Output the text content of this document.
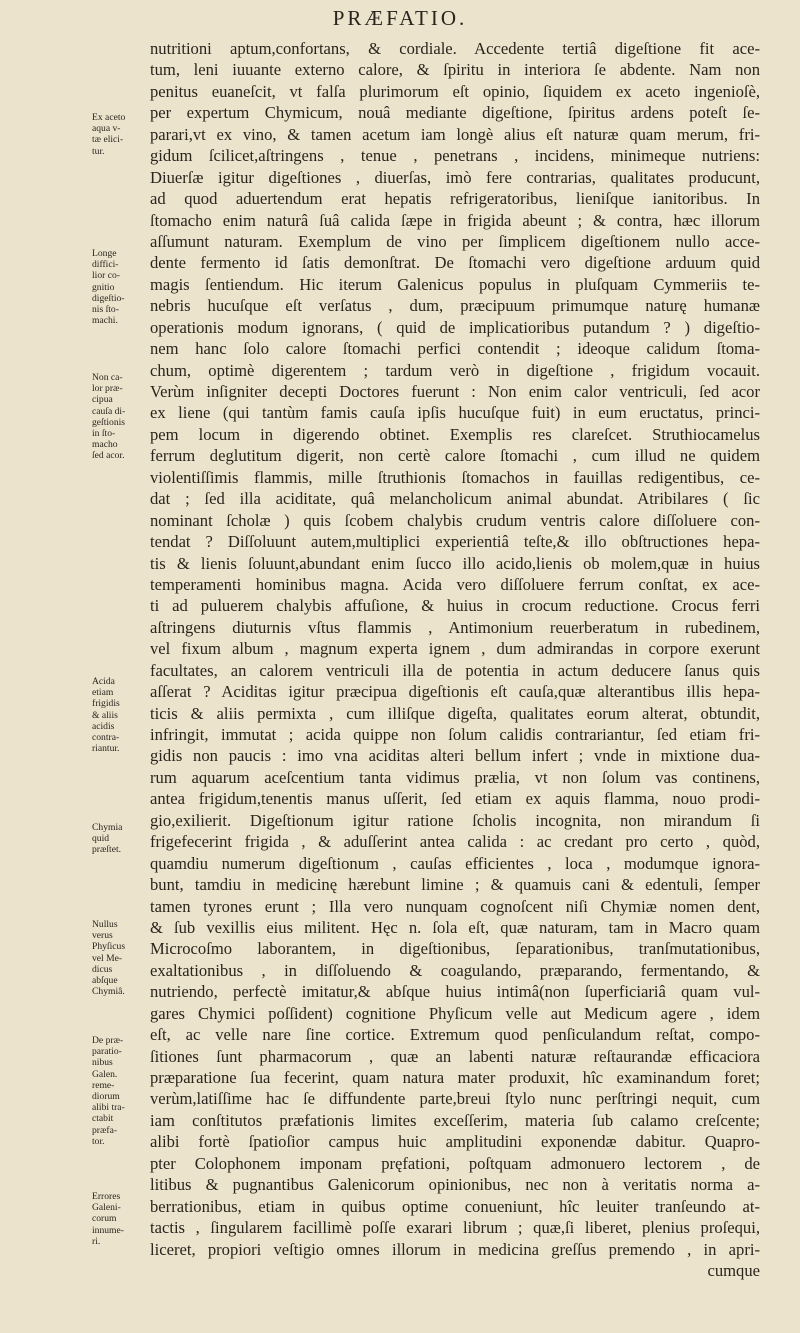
PRÆFATIO.
nutritioni aptum,confortans, & cordiale. Accedente tertiâ digeſtione fit ace-
tum, leni iuuante externo calore, & ſpiritu in interiora ſe abdente. Nam non
penitus euaneſcit, vt falſa plurimorum eſt opinio, ſiquidem ex aceto ingenioſè,
per expertum Chymicum, nouâ mediante digeſtione, ſpiritus ardens poteſt ſe-
parari,vt ex vino, & tamen acetum iam longè alius eſt naturæ quam merum, fri-
gidum ſcilicet,aſtringens , tenue , penetrans , incidens, minimeque nutriens:
Diuerſæ igitur digeſtiones , diuerſas, imò fere contrarias, qualitates producunt,
ad quod aduertendum erat hepatis refrigeratoribus, lieniſque ianitoribus. In
ſtomacho enim naturâ ſuâ calida ſæpe in frigida abeunt ; & contra, hæc illorum
aſſumunt naturam. Exemplum de vino per ſimplicem digeſtionem nullo acce-
dente fermento id ſatis demonſtrat. De ſtomachi vero digeſtione arduum quid
magis ſentiendum. Hic iterum Galenicus populus in pluſquam Cymmeriis te-
nebris hucuſque eſt verſatus , dum, præcipuum primumque naturę humanæ
operationis modum ignorans, ( quid de implicatioribus putandum ? ) digeſtio-
nem hanc ſolo calore ſtomachi perfici contendit ; ideoque calidum ſtoma-
chum, optimè digerentem ; tardum verò in digeſtione , frigidum vocauit.
Verùm inſigniter decepti Doctores fuerunt : Non enim calor ventriculi, ſed acor
ex liene (qui tantùm famis cauſa ipſis hucuſque fuit) in eum eructatus, princi-
pem locum in digerendo obtinet. Exemplis res clareſcet. Struthiocamelus
ferrum deglutitum digerit, non certè calore ſtomachi , cum illud ne quidem
violentiſſimis flammis, mille ſtruthionis ſtomachos in fauillas redigentibus, ce-
dat ; ſed illa aciditate, quâ melancholicum animal abundat. Atribilares ( ſic
nominant ſcholæ ) quis ſcobem chalybis crudum ventris calore diſſoluere con-
tendat ? Diſſoluunt autem,multiplici experientiâ teſte,& illo obſtructiones hepa-
tis & lienis ſoluunt,abundant enim ſucco illo acido,lienis ob molem,quæ in huius
temperamenti hominibus magna. Acida vero diſſoluere ferrum conſtat, ex ace-
ti ad puluerem chalybis affuſione, & huius in crocum reductione. Crocus ferri
aſtringens diuturnis vſtus flammis , Antimonium reuerberatum in rubedinem,
vel fixum album , magnum experta ignem , dum admirandas in corpore exerunt
facultates, an calorem ventriculi illa de potentia in actum deducere ſanus quis
aſſerat ? Aciditas igitur præcipua digeſtionis eſt cauſa,quæ alterantibus illis hepa-
ticis & aliis permixta , cum illiſque digeſta, qualitates eorum alterat, obtundit,
infringit, immutat ; acida quippe non ſolum calidis contrariantur, ſed etiam fri-
gidis non paucis : imo vna aciditas alteri bellum infert ; vnde in mixtione dua-
rum aquarum aceſcentium tanta vidimus prælia, vt non ſolum vas continens,
antea frigidum,tenentis manus uſſerit, ſed etiam ex aquis flamma, nouo prodi-
gio,exilierit. Digeſtionum igitur ratione ſcholis incognita, non mirandum ſi
frigefecerint frigida , & aduſſerint antea calida : ac credant pro certo , quòd,
quamdiu numerum digeſtionum , cauſas efficientes , loca , modumque ignora-
bunt, tamdiu in medicinę hærebunt limine ; & quamuis cani & edentuli, ſemper
tamen tyrones erunt ; Illa vero nunquam cognoſcent niſi Chymiæ nomen dent,
& ſub vexillis eius militent. Hęc n. ſola eſt, quæ naturam, tam in Macro quam
Microcoſmo laborantem, in digeſtionibus, ſeparationibus, tranſmutationibus,
exaltationibus , in diſſoluendo & coagulando, præparando, fermentando, &
nutriendo, perfectè imitatur,& abſque huius intimâ(non ſuperficiariâ quam vul-
gares Chymici poſſident) cognitione Phyſicum velle aut Medicum agere , idem
eſt, ac velle nare ſine cortice. Extremum quod penſiculandum reſtat, compo-
ſitiones ſunt pharmacorum , quæ an labenti naturæ reſtaurandæ efficaciora
præparatione ſua fecerint, quam natura mater produxit, hîc examinandum foret;
verùm,latiſſime hac ſe diffundente parte,breui ſtylo nunc perſtringi nequit, cum
iam conſtitutos præfationis limites exceſſerim, materia ſub calamo creſcente;
alibi fortè ſpatioſior campus huic amplitudini exponendæ dabitur. Quapro-
pter Colophonem imponam pręfationi, poſtquam admonuero lectorem , de
litibus & pugnantibus Galenicorum opinionibus, nec non à veritatis norma a-
berrationibus, etiam in quibus optime conueniunt, hîc leuiter tranſeundo at-
tactis , ſingularem facillimè poſſe exarari librum ; quæ,ſi liberet, plenius proſequi,
liceret, propiori veſtigio omnes illorum in medicina greſſus premendo , in apri-
cumque
Ex aceto
aqua v-
tæ elici-
tur.
Longe
diffici-
lior co-
gnitio
digeſtio-
nis ſto-
machi.
Non ca-
lor præ-
cipua
cauſa di-
geſtionis
in ſto-
macho
ſed acor.
Acida
etiam
frigidis
& aliis
acidis
contra-
riantur.
Chymia
quid
præſtet.
Nullus
verus
Phyſicus
vel Me-
dicus
abſque
Chymiâ.
De præ-
paratio-
nibus
Galen.
reme-
diorum
alibi tra-
ctabit
præfa-
tor.
Errores
Galeni-
corum
innume-
ri.
